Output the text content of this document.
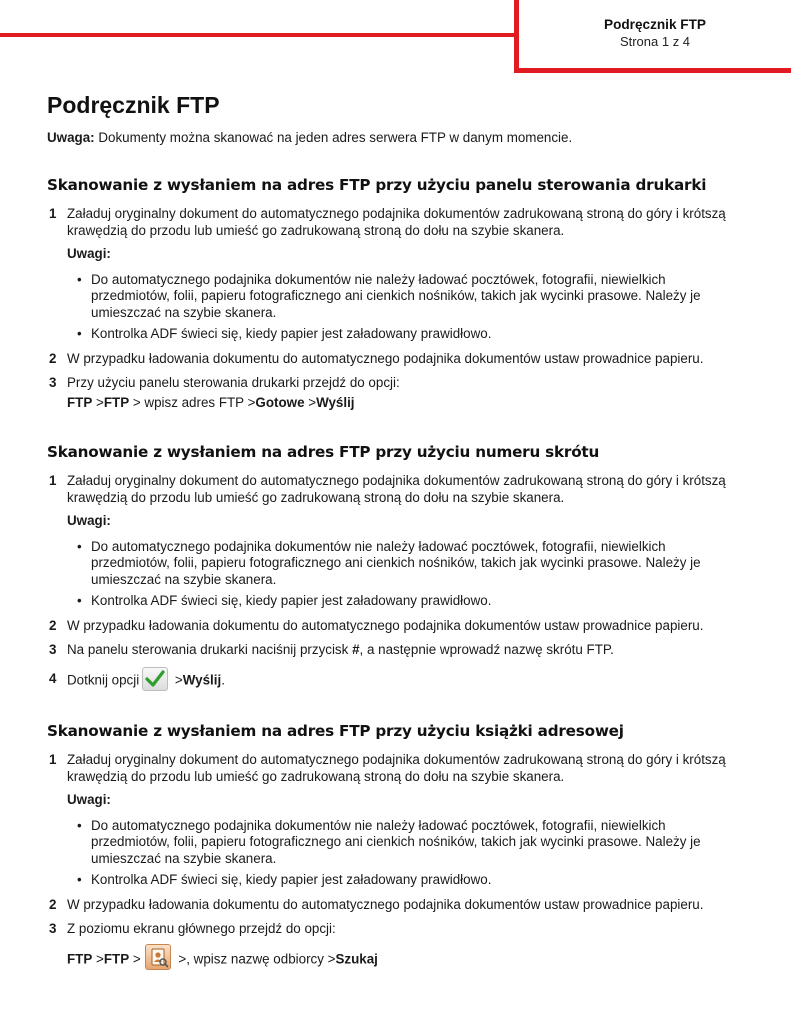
Podręcznik FTP
Strona 1 z 4
Podręcznik FTP

Uwaga: Dokumenty można skanować na jeden adres serwera FTP w danym momencie.

Skanowanie z wysłaniem na adres FTP przy użyciu panelu sterowania drukarki
1 Załaduj oryginalny dokument do automatycznego podajnika dokumentów zadrukowaną stroną do góry i krótszą krawędzią do przodu lub umieść go zadrukowaną stroną do dołu na szybie skanera.
Uwagi:
• Do automatycznego podajnika dokumentów nie należy ładować pocztówek, fotografii, niewielkich przedmiotów, folii, papieru fotograficznego ani cienkich nośników, takich jak wycinki prasowe. Należy je umieszczać na szybie skanera.
• Kontrolka ADF świeci się, kiedy papier jest załadowany prawidłowo.
2 W przypadku ładowania dokumentu do automatycznego podajnika dokumentów ustaw prowadnice papieru.
3 Przy użyciu panelu sterowania drukarki przejdź do opcji:
FTP >FTP > wpisz adres FTP >Gotowe >Wyślij
Skanowanie z wysłaniem na adres FTP przy użyciu numeru skrótu
1 Załaduj oryginalny dokument do automatycznego podajnika dokumentów zadrukowaną stroną do góry i krótszą krawędzią do przodu lub umieść go zadrukowaną stroną do dołu na szybie skanera.
Uwagi:
• Do automatycznego podajnika dokumentów nie należy ładować pocztówek, fotografii, niewielkich przedmiotów, folii, papieru fotograficznego ani cienkich nośników, takich jak wycinki prasowe. Należy je umieszczać na szybie skanera.
• Kontrolka ADF świeci się, kiedy papier jest załadowany prawidłowo.
2 W przypadku ładowania dokumentu do automatycznego podajnika dokumentów ustaw prowadnice papieru.
3 Na panelu sterowania drukarki naciśnij przycisk #, a następnie wprowadź nazwę skrótu FTP.
4 Dotknij opcji >Wyślij.
Skanowanie z wysłaniem na adres FTP przy użyciu książki adresowej
1 Załaduj oryginalny dokument do automatycznego podajnika dokumentów zadrukowaną stroną do góry i krótszą krawędzią do przodu lub umieść go zadrukowaną stroną do dołu na szybie skanera.
Uwagi:
• Do automatycznego podajnika dokumentów nie należy ładować pocztówek, fotografii, niewielkich przedmiotów, folii, papieru fotograficznego ani cienkich nośników, takich jak wycinki prasowe. Należy je umieszczać na szybie skanera.
• Kontrolka ADF świeci się, kiedy papier jest załadowany prawidłowo.
2 W przypadku ładowania dokumentu do automatycznego podajnika dokumentów ustaw prowadnice papieru.
3 Z poziomu ekranu głównego przejdź do opcji:
FTP >FTP >	>, wpisz nazwę odbiorcy >Szukaj
